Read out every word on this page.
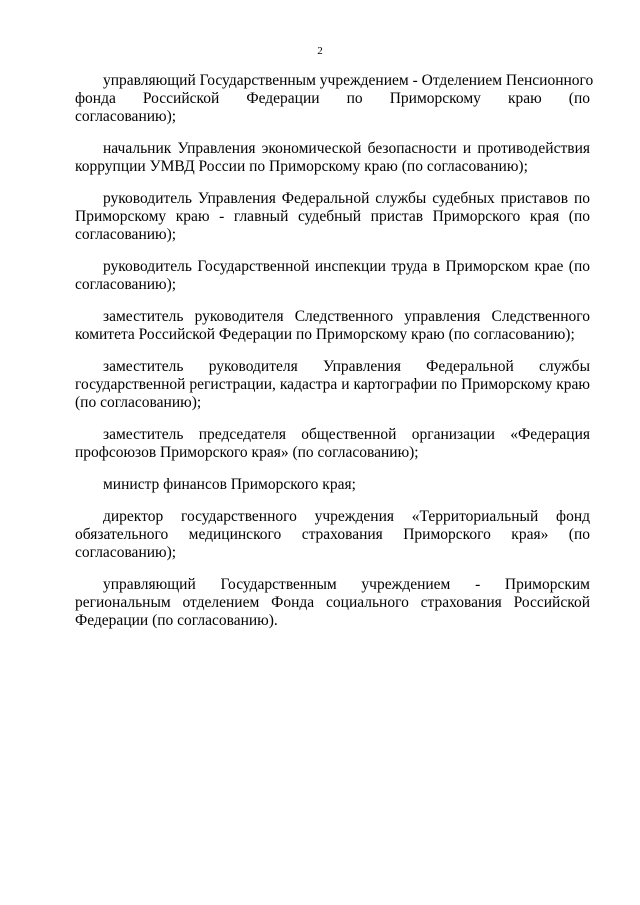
2
управляющий Государственным учреждением - Отделением Пенсионного
фонда Российской Федерации по Приморскому краю (по
согласованию);
начальник Управления экономической безопасности и противодействия
коррупции УМВД России по Приморскому краю (по согласованию);
руководитель Управления Федеральной службы судебных приставов по
Приморскому краю - главный судебный пристав Приморского края (по
согласованию);
руководитель Государственной инспекции труда в Приморском крае (по
согласованию);
заместитель руководителя Следственного управления Следственного
комитета Российской Федерации по Приморскому краю (по согласованию);
заместитель руководителя Управления Федеральной службы
государственной регистрации, кадастра и картографии по Приморскому краю
(по согласованию);
заместитель председателя общественной организации «Федерация
профсоюзов Приморского края» (по согласованию);
министр финансов Приморского края;
директор государственного учреждения «Территориальный фонд
обязательного медицинского страхования Приморского края» (по
согласованию);
управляющий Государственным учреждением - Приморским
региональным отделением Фонда социального страхования Российской
Федерации (по согласованию).
